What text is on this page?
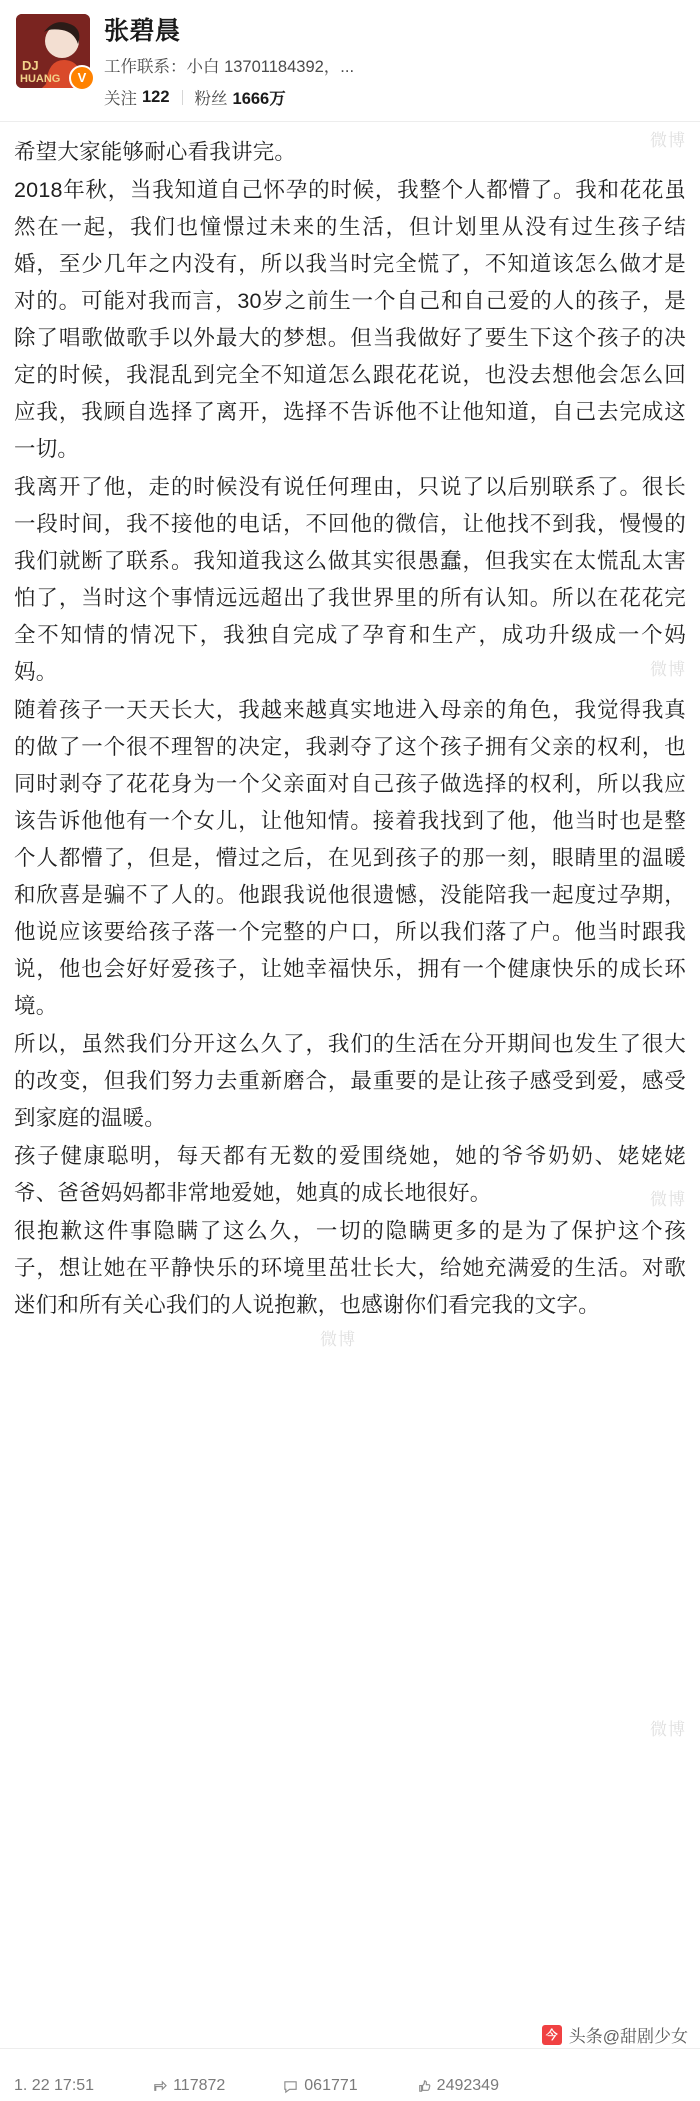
DJ
HUANG	V
张碧晨
工作联系：小白 13701184392，...
关注 122 粉丝 1666万

希望大家能够耐心看我讲完。

2018年秋，当我知道自己怀孕的时候，我整个人都懵了。我和花花虽然在一起，我们也憧憬过未来的生活，但计划里从没有过生孩子结婚，至少几年之内没有，所以我当时完全慌了，不知道该怎么做才是对的。可能对我而言，30岁之前生一个自己和自己爱的人的孩子，是除了唱歌做歌手以外最大的梦想。但当我做好了要生下这个孩子的决定的时候，我混乱到完全不知道怎么跟花花说，也没去想他会怎么回应我，我顾自选择了离开，选择不告诉他不让他知道，自己去完成这一切。

我离开了他，走的时候没有说任何理由，只说了以后别联系了。很长一段时间，我不接他的电话，不回他的微信，让他找不到我，慢慢的我们就断了联系。我知道我这么做其实很愚蠢，但我实在太慌乱太害怕了，当时这个事情远远超出了我世界里的所有认知。所以在花花完全不知情的情况下，我独自完成了孕育和生产，成功升级成一个妈妈。

随着孩子一天天长大，我越来越真实地进入母亲的角色，我觉得我真的做了一个很不理智的决定，我剥夺了这个孩子拥有父亲的权利，也同时剥夺了花花身为一个父亲面对自己孩子做选择的权利，所以我应该告诉他他有一个女儿，让他知情。接着我找到了他，他当时也是整个人都懵了，但是，懵过之后，在见到孩子的那一刻，眼睛里的温暖和欣喜是骗不了人的。他跟我说他很遗憾，没能陪我一起度过孕期，他说应该要给孩子落一个完整的户口，所以我们落了户。他当时跟我说，他也会好好爱孩子，让她幸福快乐，拥有一个健康快乐的成长环境。

所以，虽然我们分开这么久了，我们的生活在分开期间也发生了很大的改变，但我们努力去重新磨合，最重要的是让孩子感受到爱，感受到家庭的温暖。

孩子健康聪明，每天都有无数的爱围绕她，她的爷爷奶奶、姥姥姥爷、爸爸妈妈都非常地爱她，她真的成长地很好。

很抱歉这件事隐瞒了这么久，一切的隐瞒更多的是为了保护这个孩子，想让她在平静快乐的环境里茁壮长大，给她充满爱的生活。对歌迷们和所有关心我们的人说抱歉，也感谢你们看完我的文字。

微博
微博
微博
微博
微博
今 头条@甜剧少女
1. 22 17:51	117872	061771	2492349
